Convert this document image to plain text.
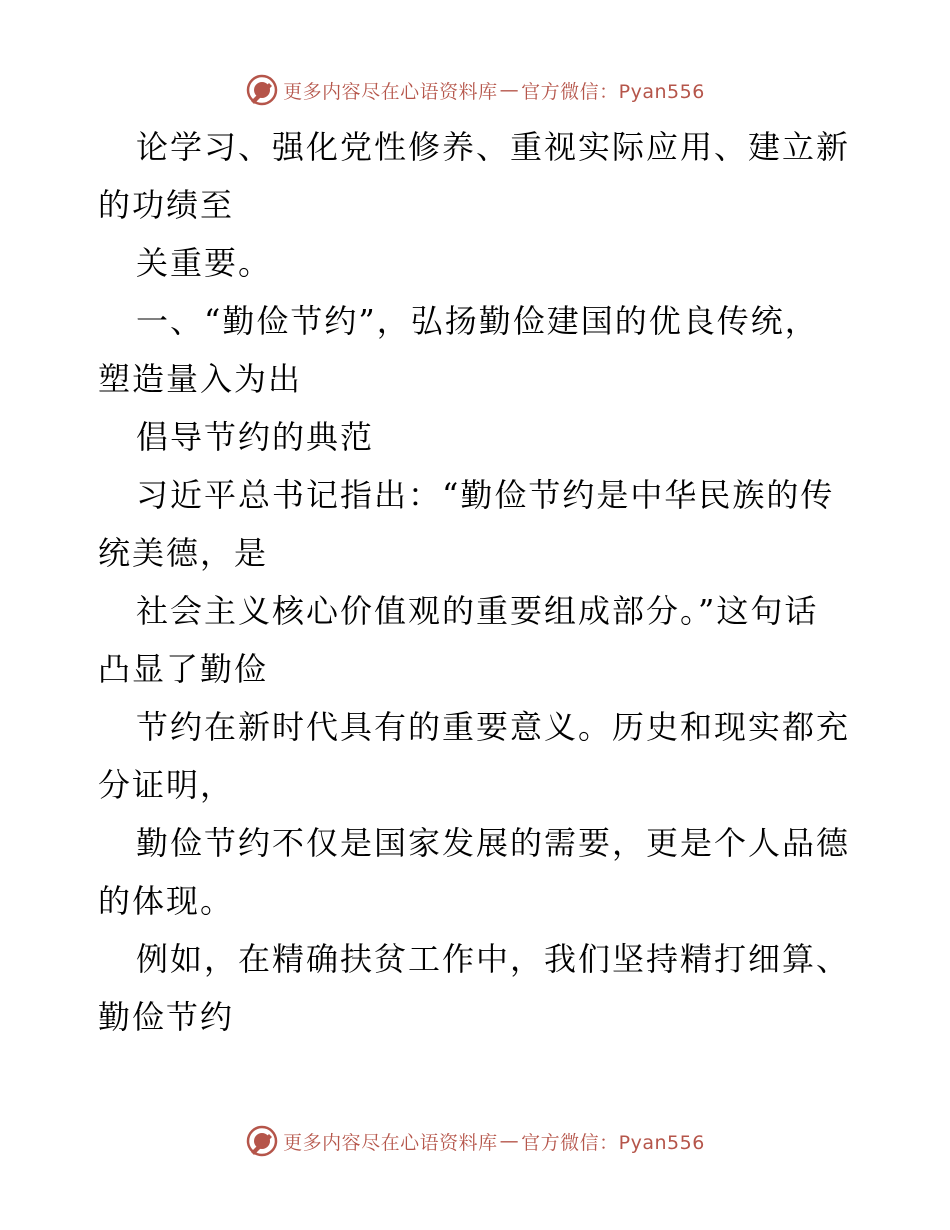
更多内容尽在心语资料库 — 官方微信：Pyan556

论学习、强化党性修养、重视实际应用、建立新
的功绩至

关重要。

一、“勤俭节约”，弘扬勤俭建国的优良传统，
塑造量入为出

倡导节约的典范

习近平总书记指出：“勤俭节约是中华民族的传
统美德，是

社会主义核心价值观的重要组成部分。”这句话
凸显了勤俭

节约在新时代具有的重要意义。历史和现实都充
分证明，

勤俭节约不仅是国家发展的需要，更是个人品德
的体现。

例如，在精确扶贫工作中，我们坚持精打细算、
勤俭节约

更多内容尽在心语资料库 — 官方微信：Pyan556
